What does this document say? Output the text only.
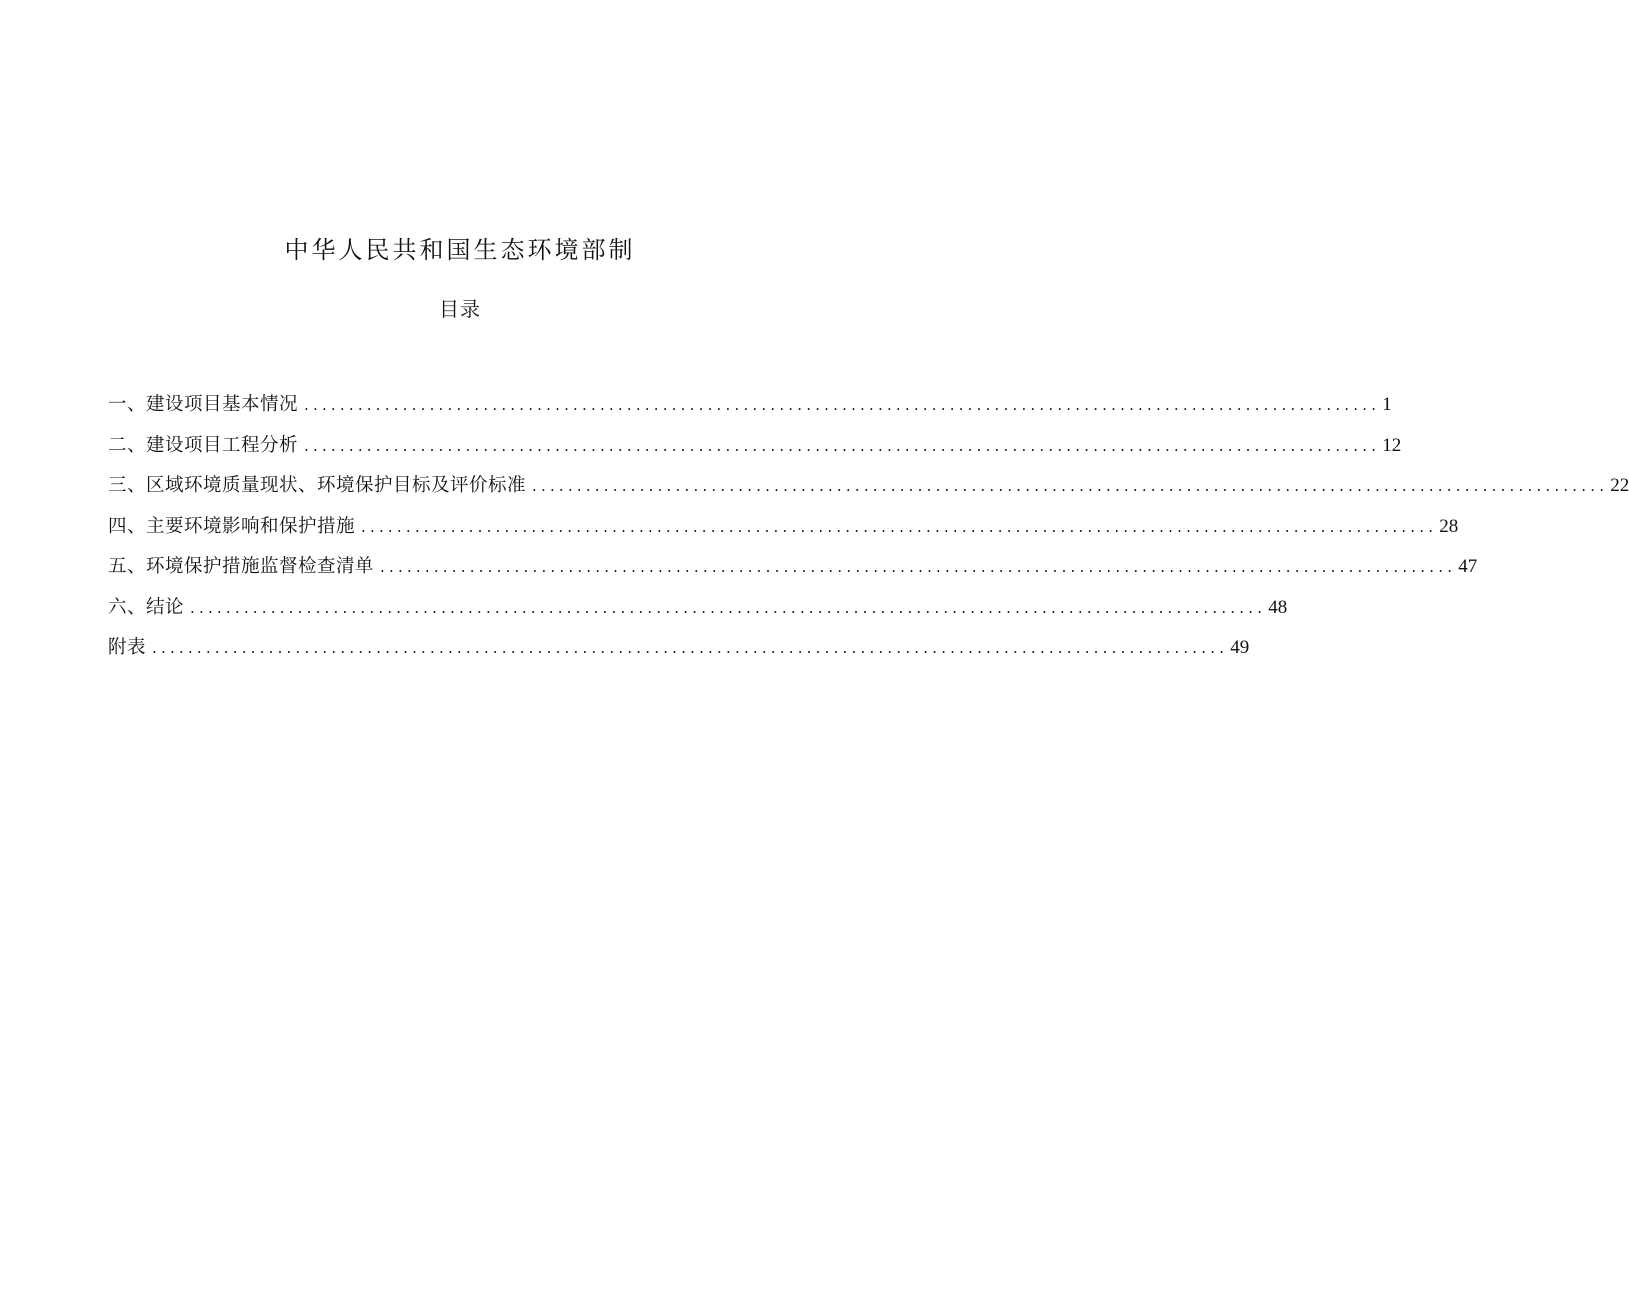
中华人民共和国生态环境部制
目录
一、建设项目基本情况 ........................................................................................................................ 1
二、建设项目工程分析 ........................................................................................................................ 12
三、区域环境质量现状、环境保护目标及评价标准 ........................................................................................................................ 22
四、主要环境影响和保护措施 ........................................................................................................................ 28
五、环境保护措施监督检查清单 ........................................................................................................................ 47
六、结论 ........................................................................................................................ 48
附表 ........................................................................................................................ 49
